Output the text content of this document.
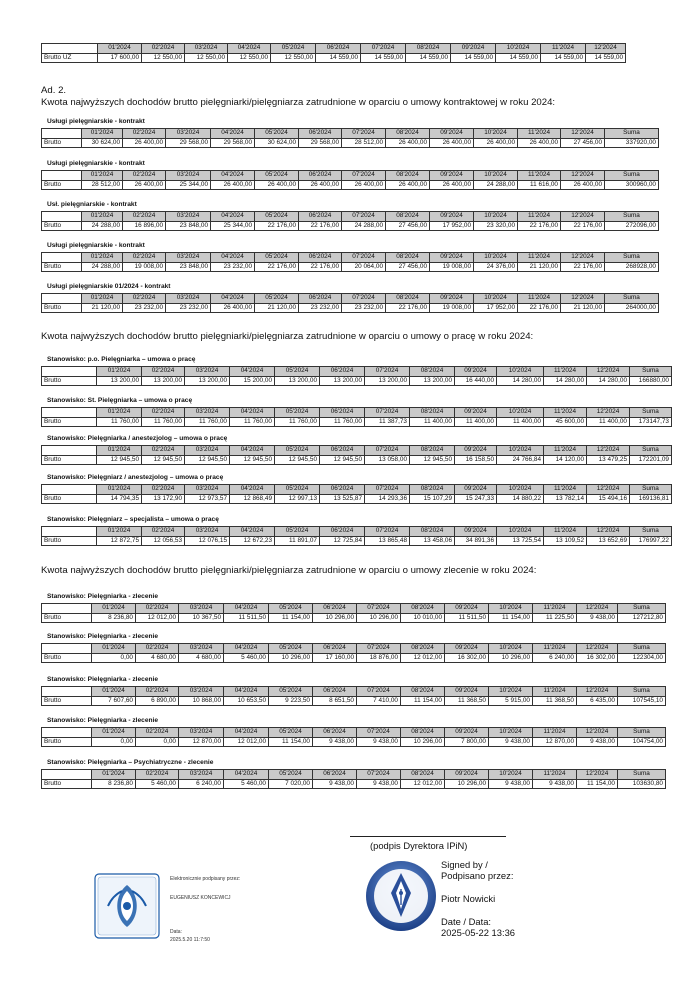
Ad. 2.
Kwota najwyższych dochodów brutto pielęgniarki/pielęgniarza zatrudnione w oparciu o umowy kontraktowej w roku 2024:
Kwota najwyższych dochodów brutto pielęgniarki/pielęgniarza zatrudnione w oparciu o umowy o pracę w roku 2024:
Kwota najwyższych dochodów brutto pielęgniarki/pielęgniarza zatrudnione w oparciu o umowy zlecenie w roku 2024:
(podpis Dyrektora IPiN)
Elektronicznie podpisany przez:
EUGENIUSZ KONCEWICJ
Data:
2025.5.20 11:7:50
Signed by /
Podpisano przez:
Piotr Nowicki
Date / Data:
2025-05-22 13:36
	01'2024	02'2024	03'2024	04'2024	05'2024	06'2024	07'2024	08'2024	09'2024	10'2024	11'2024	12'2024	
Brutto UZ	17 600,00	12 550,00	12 550,00	12 550,00	12 550,00	14 559,00	14 559,00	14 559,00	14 559,00	14 559,00	14 559,00	14 559,00	
Usługi pielęgniarskie - kontrakt
	01'2024	02'2024	03'2024	04'2024	05'2024	06'2024	07'2024	08'2024	09'2024	10'2024	11'2024	12'2024	Suma
Brutto	30 624,00	26 400,00	29 568,00	29 568,00	30 624,00	29 568,00	28 512,00	26 400,00	26 400,00	26 400,00	26 400,00	27 456,00	337920,00
Usługi pielęgniarskie - kontrakt
	01'2024	02'2024	03'2024	04'2024	05'2024	06'2024	07'2024	08'2024	09'2024	10'2024	11'2024	12'2024	Suma
Brutto	28 512,00	26 400,00	25 344,00	26 400,00	26 400,00	26 400,00	26 400,00	26 400,00	26 400,00	24 288,00	11 616,00	26 400,00	300960,00
Usł. pielęgniarskie - kontrakt
	01'2024	02'2024	03'2024	04'2024	05'2024	06'2024	07'2024	08'2024	09'2024	10'2024	11'2024	12'2024	Suma
Brutto	24 288,00	16 896,00	23 848,00	25 344,00	22 176,00	22 176,00	24 288,00	27 456,00	17 952,00	23 320,00	22 176,00	22 176,00	272096,00
Usługi pielęgniarskie - kontrakt
	01'2024	02'2024	03'2024	04'2024	05'2024	06'2024	07'2024	08'2024	09'2024	10'2024	11'2024	12'2024	Suma
Brutto	24 288,00	19 008,00	23 848,00	23 232,00	22 176,00	22 176,00	20 064,00	27 456,00	19 008,00	24 376,00	21 120,00	22 176,00	268928,00
Usługi pielęgniarskie 01/2024 - kontrakt
	01'2024	02'2024	03'2024	04'2024	05'2024	06'2024	07'2024	08'2024	09'2024	10'2024	11'2024	12'2024	Suma
Brutto	21 120,00	23 232,00	23 232,00	26 400,00	21 120,00	23 232,00	23 232,00	22 176,00	19 008,00	17 952,00	22 176,00	21 120,00	264000,00
Stanowisko: p.o. Pielęgniarka – umowa o pracę
	01'2024	02'2024	03'2024	04'2024	05'2024	06'2024	07'2024	08'2024	09'2024	10'2024	11'2024	12'2024	Suma
Brutto	13 200,00	13 200,00	13 200,00	15 200,00	13 200,00	13 200,00	13 200,00	13 200,00	16 440,00	14 280,00	14 280,00	14 280,00	166880,00
Stanowisko: St. Pielęgniarka – umowa o pracę
	01'2024	02'2024	03'2024	04'2024	05'2024	06'2024	07'2024	08'2024	09'2024	10'2024	11'2024	12'2024	Suma
Brutto	11 760,00	11 760,00	11 760,00	11 760,00	11 760,00	11 760,00	11 387,73	11 400,00	11 400,00	11 400,00	45 600,00	11 400,00	173147,73
Stanowisko: Pielęgniarka / anestezjolog – umowa o pracę
	01'2024	02'2024	03'2024	04'2024	05'2024	06'2024	07'2024	08'2024	09'2024	10'2024	11'2024	12'2024	Suma
Brutto	12 945,50	12 945,50	12 945,50	12 945,50	12 945,50	12 945,50	13 058,00	12 945,50	16 158,50	24 766,84	14 120,00	13 479,25	172201,09
Stanowisko: Pielęgniarz / anestezjolog – umowa o pracę
	01'2024	02'2024	03'2024	04'2024	05'2024	06'2024	07'2024	08'2024	09'2024	10'2024	11'2024	12'2024	Suma
Brutto	14 794,35	13 172,90	12 973,57	12 868,49	12 997,13	13 525,87	14 293,36	15 107,29	15 247,33	14 880,22	13 782,14	15 494,16	169136,81
Stanowisko: Pielęgniarz – specjalista – umowa o pracę
	01'2024	02'2024	03'2024	04'2024	05'2024	06'2024	07'2024	08'2024	09'2024	10'2024	11'2024	12'2024	Suma
Brutto	12 872,75	12 056,53	12 076,15	12 672,23	11 891,07	12 725,84	13 865,48	13 458,06	34 891,36	13 725,54	13 109,52	13 652,69	176997,22
Stanowisko: Pielęgniarka - zlecenie
	01'2024	02'2024	03'2024	04'2024	05'2024	06'2024	07'2024	08'2024	09'2024	10'2024	11'2024	12'2024	Suma
Brutto	8 236,80	12 012,00	10 367,50	11 511,50	11 154,00	10 296,00	10 296,00	10 010,00	11 511,50	11 154,00	11 225,50	9 438,00	127212,80
Stanowisko: Pielęgniarka - zlecenie
	01'2024	02'2024	03'2024	04'2024	05'2024	06'2024	07'2024	08'2024	09'2024	10'2024	11'2024	12'2024	Suma
Brutto	0,00	4 680,00	4 680,00	5 460,00	10 296,00	17 160,00	18 876,00	12 012,00	16 302,00	10 296,00	6 240,00	16 302,00	122304,00
Stanowisko: Pielęgniarka - zlecenie
	01'2024	02'2024	03'2024	04'2024	05'2024	06'2024	07'2024	08'2024	09'2024	10'2024	11'2024	12'2024	Suma
Brutto	7 607,60	6 890,00	10 868,00	10 653,50	9 223,50	8 651,50	7 410,00	11 154,00	11 368,50	5 915,00	11 368,50	6 435,00	107545,10
Stanowisko: Pielęgniarka - zlecenie
	01'2024	02'2024	03'2024	04'2024	05'2024	06'2024	07'2024	08'2024	09'2024	10'2024	11'2024	12'2024	Suma
Brutto	0,00	0,00	12 870,00	12 012,00	11 154,00	9 438,00	9 438,00	10 296,00	7 800,00	9 438,00	12 870,00	9 438,00	104754,00
Stanowisko: Pielęgniarka – Psychiatryczne - zlecenie
	01'2024	02'2024	03'2024	04'2024	05'2024	06'2024	07'2024	08'2024	09'2024	10'2024	11'2024	12'2024	Suma
Brutto	8 236,80	5 460,00	6 240,00	5 460,00	7 020,00	9 438,00	9 438,00	12 012,00	10 296,00	9 438,00	9 438,00	11 154,00	103630,80
